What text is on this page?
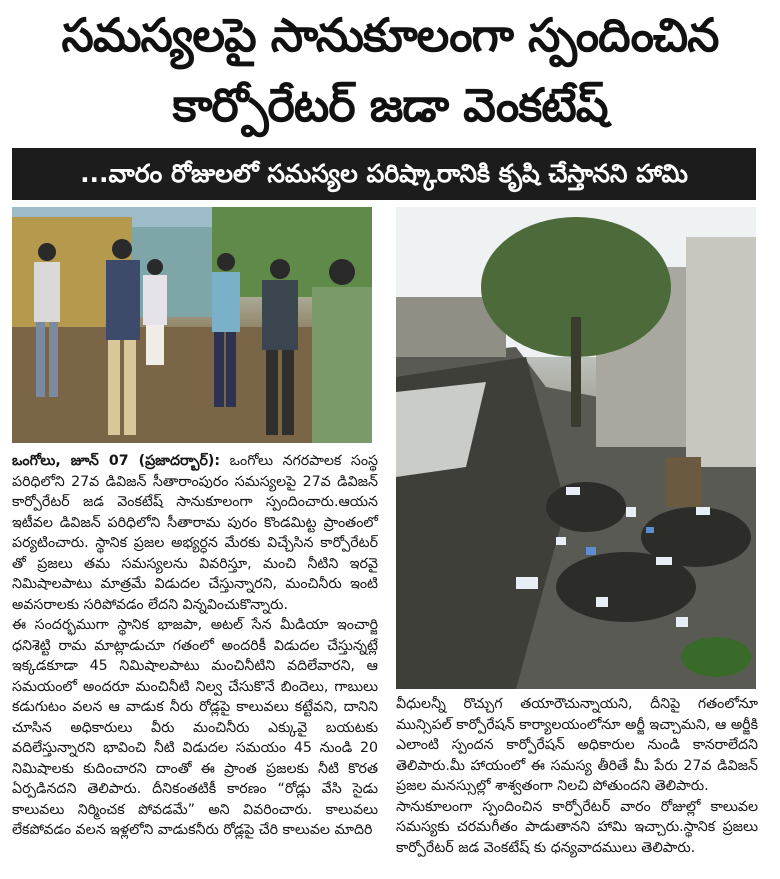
సమస్యలపై సానుకూలంగా స్పందించిన
కార్పోరేటర్ జడా వెంకటేష్
...వారం రోజులలో సమస్యల పరిష్కారానికి కృషి చేస్తానని హామి

ఒంగోలు, జూన్ 07 (ప్రజాదర్బార్): ఒంగోలు నగరపాలక సంస్థ పరిధిలోని 27వ డివిజన్ సీతారాంపురం సమస్యలపై 27వ డివిజన్ కార్పోరేటర్ జడ వెంకటేష్ సానుకూలంగా స్పందించారు.ఆయన ఇటీవల డివిజన్ పరిధిలోని సీతారామ పురం కొండమిట్ట ప్రాంతంలో పర్యటించారు. స్థానిక ప్రజల అభ్యర్ధన మేరకు విచ్చేసిన కార్పోరేటర్ తో ప్రజలు తమ సమస్యలను వివరిస్తూ, మంచి నీటిని ఇరవై నిమిషాలపాటు మాత్రమే విడుదల చేస్తున్నారని, మంచినీరు ఇంటి అవసరాలకు సరిపోవడం లేదని విన్నవించుకొన్నారు.

ఈ సందర్భముగా స్థానిక భాజపా, అటల్ సేన మీడియా ఇంచార్జి ధనిశెట్టి రామ మాట్లాడుచూ గతంలో అందరికీ విడుదల చేస్తున్నట్లే ఇక్కడకూడా 45 నిమిషాలపాటు మంచినీటిని వదిలేవారని, ఆ సమయంలో అందరూ మంచినీటి నిల్వ చేసుకొనే బిందెలు, గాబులు కడుగుటం వలన ఆ వాడుక నీరు రోడ్లపై కాలువలు కట్టేవని, దానిని చూసిన అధికారులు వీరు మంచినీరు ఎక్కువై బయటకు వదిలేస్తున్నారని భావించి నీటి విడుదల సమయం 45 నుండి 20 నిమిషాలకు కుదించారని దాంతో ఈ ప్రాంత ప్రజలకు నీటి కొరత ఏర్పడినదని తెలిపారు. దీనికంతటికీ కారణం “రోడ్లు వేసి సైడు కాలువలు నిర్మించక పోవడమే” అని వివరించారు. కాలువలు లేకపోవడం వలన ఇళ్లలోని వాడుకనీరు రోడ్లపై చేరి కాలువల మాదిరి

వీధులన్నీ రొచ్చుగ తయారౌచున్నాయని, దీనిపై గతంలోనూ మున్సిపల్ కార్పోరేషన్ కార్యాలయంలోనూ అర్జీ ఇచ్చామని, ఆ అర్జీకి ఎలాంటి స్పందన కార్పోరేషన్ అధికారుల నుండి కానరాలేదని తెలిపారు.మీ హాయంలో ఈ సమస్య తీరితే మీ పేరు 27వ డివిజన్ ప్రజల మనస్సుల్లో శాశ్వతంగా నిలచి పోతుందని తెలిపారు.

సానుకూలంగా స్పందించిన కార్పోరేటర్ వారం రోజుల్లో కాలువల సమస్యకు చరమగీతం పాడుతానని హామి ఇచ్చారు.స్థానిక ప్రజలు కార్పోరేటర్ జడ వెంకటేష్ కు ధన్యవాదములు తెలిపారు.
